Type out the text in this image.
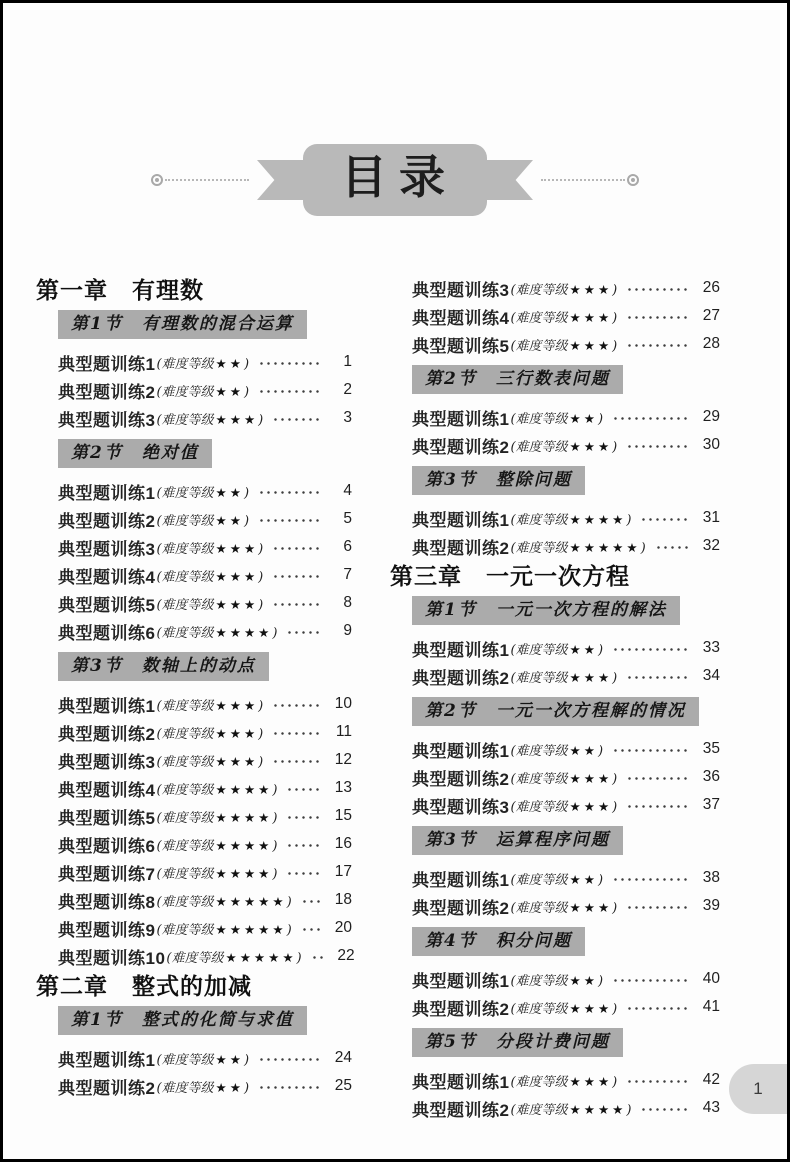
目录
第一章　有理数
第1节　有理数的混合运算
典型题训练1 (难度等级 ★★)	1
典型题训练2 (难度等级 ★★)	2
典型题训练3 (难度等级 ★★★)	3
第2节　绝对值
典型题训练1 (难度等级 ★★)	4
典型题训练2 (难度等级 ★★)	5
典型题训练3 (难度等级 ★★★)	6
典型题训练4 (难度等级 ★★★)	7
典型题训练5 (难度等级 ★★★)	8
典型题训练6 (难度等级 ★★★★)	9
第3节　数轴上的动点
典型题训练1 (难度等级 ★★★)	10
典型题训练2 (难度等级 ★★★)	11
典型题训练3 (难度等级 ★★★)	12
典型题训练4 (难度等级 ★★★★)	13
典型题训练5 (难度等级 ★★★★)	15
典型题训练6 (难度等级 ★★★★)	16
典型题训练7 (难度等级 ★★★★)	17
典型题训练8 (难度等级 ★★★★★)	18
典型题训练9 (难度等级 ★★★★★)	20
典型题训练10 (难度等级 ★★★★★)	22
第二章　整式的加减
第1节　整式的化简与求值
典型题训练1 (难度等级 ★★)	24
典型题训练2 (难度等级 ★★)	25
典型题训练3 (难度等级 ★★★)	26
典型题训练4 (难度等级 ★★★)	27
典型题训练5 (难度等级 ★★★)	28
第2节　三行数表问题
典型题训练1 (难度等级 ★★)	29
典型题训练2 (难度等级 ★★★)	30
第3节　整除问题
典型题训练1 (难度等级 ★★★★)	31
典型题训练2 (难度等级 ★★★★★)	32
第三章　一元一次方程
第1节　一元一次方程的解法
典型题训练1 (难度等级 ★★)	33
典型题训练2 (难度等级 ★★★)	34
第2节　一元一次方程解的情况
典型题训练1 (难度等级 ★★)	35
典型题训练2 (难度等级 ★★★)	36
典型题训练3 (难度等级 ★★★)	37
第3节　运算程序问题
典型题训练1 (难度等级 ★★)	38
典型题训练2 (难度等级 ★★★)	39
第4节　积分问题
典型题训练1 (难度等级 ★★)	40
典型题训练2 (难度等级 ★★★)	41
第5节　分段计费问题
典型题训练1 (难度等级 ★★★)	42
典型题训练2 (难度等级 ★★★★)	43
1
